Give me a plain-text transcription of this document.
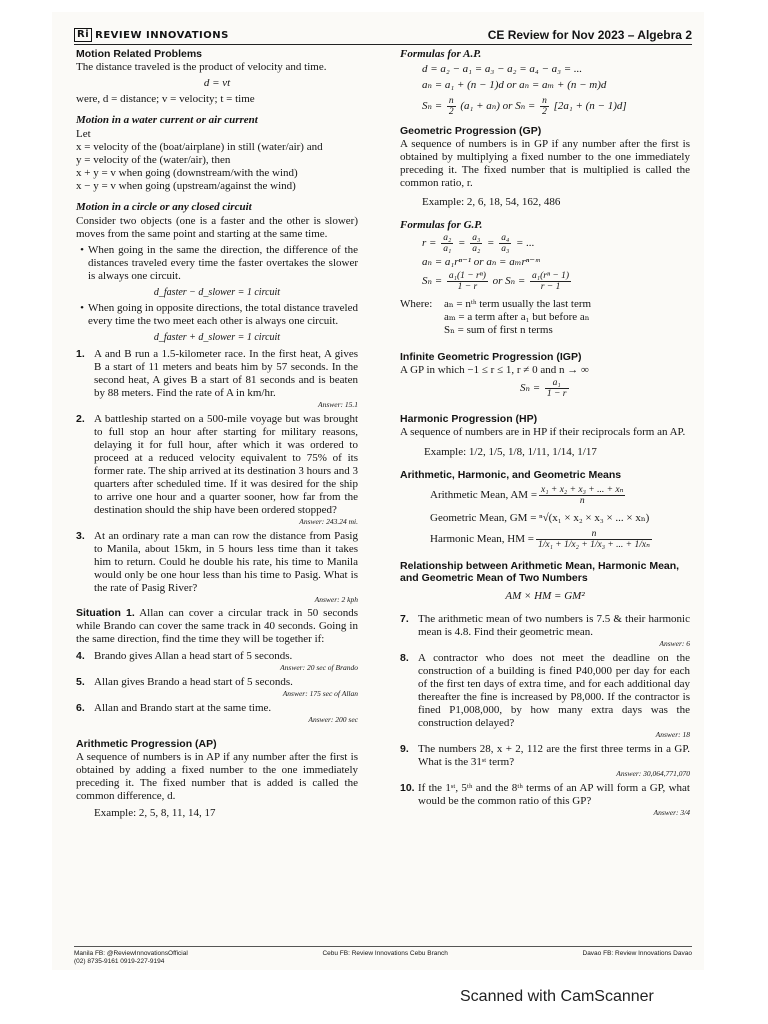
Ri REVIEW INNOVATIONS	CE Review for Nov 2023 – Algebra 2
Motion Related Problems

The distance traveled is the product of velocity and time.

d = vt

were, d = distance; v = velocity; t = time

Motion in a water current or air current

Let

x = velocity of the (boat/airplane) in still (water/air) and

y = velocity of the (water/air), then

x + y = v when going (downstream/with the wind)

x − y = v when going (upstream/against the wind)

Motion in a circle or any closed circuit

Consider two objects (one is a faster and the other is slower) moves from the same point and starting at the same time.

• When going in the same the direction, the difference of the distances traveled every time the faster overtakes the slower is always one circuit.

d_faster − d_slower = 1 circuit

• When going in opposite directions, the total distance traveled every time the two meet each other is always one circuit.

d_faster + d_slower = 1 circuit

1. A and B run a 1.5-kilometer race. In the first heat, A gives B a start of 11 meters and beats him by 57 seconds. In the second heat, A gives B a start of 81 seconds and is beaten by 88 meters. Find the rate of A in km/hr.

Answer: 15.1

2. A battleship started on a 500-mile voyage but was brought to full stop an hour after starting for military reasons, delaying it for full hour, after which it was ordered to proceed at a reduced velocity equivalent to 75% of its former rate. The ship arrived at its destination 3 hours and 3 quarters after scheduled time. If it was desired for the ship to arrive one hour and a quarter sooner, how far from the destination should the ship have been ordered stopped?

Answer: 243.24 mi.

3. At an ordinary rate a man can row the distance from Pasig to Manila, about 15km, in 5 hours less time than it takes him to return. Could he double his rate, his time to Manila would only be one hour less than his time to Pasig. What is the rate of Pasig River?

Answer: 2 kph

Situation 1. Allan can cover a circular track in 50 seconds while Brando can cover the same track in 40 seconds. Going in the same direction, find the time they will be together if:

4. Brando gives Allan a head start of 5 seconds.

Answer: 20 sec of Brando

5. Allan gives Brando a head start of 5 seconds.

Answer: 175 sec of Allan

6. Allan and Brando start at the same time.

Answer: 200 sec

Arithmetic Progression (AP)

A sequence of numbers is in AP if any number after the first is obtained by adding a fixed number to the one immediately preceding it. The fixed number that is added is called the common difference, d.

Example: 2, 5, 8, 11, 14, 17

Formulas for A.P.

d = a₂ − a₁ = a₃ − a₂ = a₄ − a₃ = ...

aₙ = a₁ + (n − 1)d or aₙ = aₘ + (n − m)d

$S_n = \frac{n}{2} (a_1 + a_n)$ or $S_n = \frac{n}{2} [2a_1 + (n - 1)d]$

Geometric Progression (GP)

A sequence of numbers is in GP if any number after the first is obtained by multiplying a fixed number to the one immediately preceding it. The fixed number that is multiplied is called the common ratio, r.

Example: 2, 6, 18, 54, 162, 486

Formulas for G.P.

$r = \frac{\text{a₂}}{\text{a₁}} = \frac{\text{a₃}}{\text{a₂}} = \frac{\text{a₄}}{\text{a₃}}$ = ...

aₙ = a₁rⁿ⁻¹ or aₙ = aₘrⁿ⁻ᵐ

$S_n = \frac{\text{a₁(1 − rⁿ)}}{1 - r}$ or $S_n = \frac{\text{a₁(rⁿ − 1)}}{r - 1}$

Where:	aₙ = nᵗʰ term usually the last term

aₘ = a term after a₁ but before aₙ

Sₙ = sum of first n terms

Infinite Geometric Progression (IGP)

A GP in which −1 ≤ r ≤ 1, r ≠ 0 and n → ∞

$S_n = \frac{\text{a₁}}{1 - r}$

Harmonic Progression (HP)

A sequence of numbers are in HP if their reciprocals form an AP.

Example: 1/2, 1/5, 1/8, 1/11, 1/14, 1/17

Arithmetic, Harmonic, and Geometric Means
Arithmetic Mean, AM = $\frac{\text{x₁ + x₂ + x₃ + ... + xₙ}}{n}$

Geometric Mean, GM = ⁿ√(x₁ × x₂ × x₃ × ... × xₙ)

Harmonic Mean, HM = $\frac{n}{\text{1/x₁ + 1/x₂ + 1/x₃ + ... + 1/xₙ}}$
Relationship between Arithmetic Mean, Harmonic Mean, and Geometric Mean of Two Numbers

AM × HM = GM²

7. The arithmetic mean of two numbers is 7.5 & their harmonic mean is 4.8. Find their geometric mean.

Answer: 6

8. A contractor who does not meet the deadline on the construction of a building is fined P40,000 per day for each of the first ten days of extra time, and for each additional day thereafter the fine is increased by P8,000. If the contractor is fined P1,008,000, by how many extra days was the construction delayed?

Answer: 18

9. The numbers 28, x + 2, 112 are the first three terms in a GP. What is the 31ˢᵗ term?

Answer: 30,064,771,070

10. If the 1ˢᵗ, 5ᵗʰ and the 8ᵗʰ terms of an AP will form a GP, what would be the common ratio of this GP?

Answer: 3/4

Manila FB: @ReviewInnovationsOfficial
(02) 8735-9161 0919-227-9194
Cebu FB: Review Innovations Cebu Branch	Davao FB: Review Innovations Davao
Scanned with CamScanner
